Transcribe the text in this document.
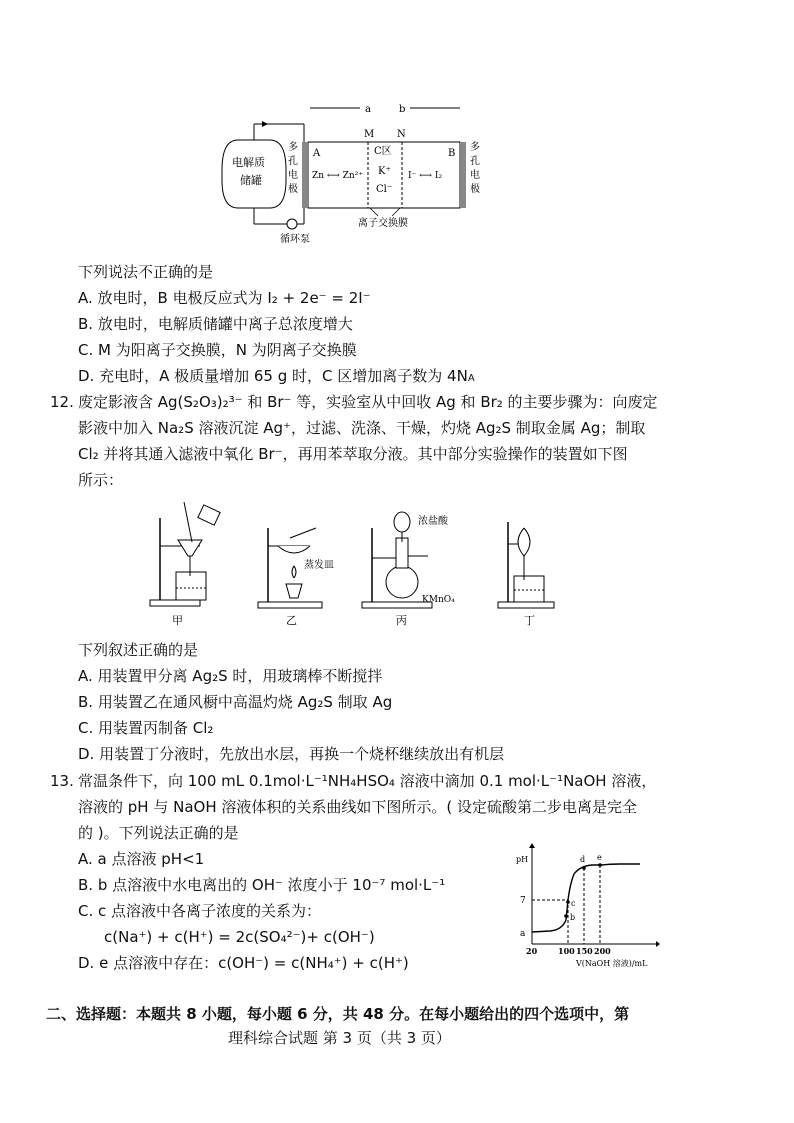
a	b
M N
电解质
储罐
循环泵
A	B
Zn ⟷ Zn²⁺
C区
K⁺
Cl⁻
I⁻ ⟷ I₂
多
孔
电
极
多
孔
电
极
离子交换膜
下列说法不正确的是
A. 放电时，B 电极反应式为 I₂ + 2e⁻ = 2I⁻
B. 放电时，电解质储罐中离子总浓度增大
C. M 为阳离子交换膜，N 为阴离子交换膜
D. 充电时，A 极质量增加 65 g 时，C 区增加离子数为 4NA
12. 废定影液含 Ag(S₂O₃)₂³⁻ 和 Br⁻ 等，实验室从中回收 Ag 和 Br₂ 的主要步骤为：向废定
影液中加入 Na₂S 溶液沉淀 Ag⁺，过滤、洗涤、干燥，灼烧 Ag₂S 制取金属 Ag；制取
Cl₂ 并将其通入滤液中氧化 Br⁻，再用苯萃取分液。其中部分实验操作的装置如下图
所示：
甲
蒸发皿
乙
浓盐酸
KMnO₄
丙	丁
下列叙述正确的是
A. 用装置甲分离 Ag₂S 时，用玻璃棒不断搅拌
B. 用装置乙在通风橱中高温灼烧 Ag₂S 制取 Ag
C. 用装置丙制备 Cl₂
D. 用装置丁分液时，先放出水层，再换一个烧杯继续放出有机层
13. 常温条件下，向 100 mL 0.1mol·L⁻¹NH₄HSO₄ 溶液中滴加 0.1 mol·L⁻¹NaOH 溶液，
溶液的 pH 与 NaOH 溶液体积的关系曲线如下图所示。( 设定硫酸第二步电离是完全
的 )。下列说法正确的是
A. a 点溶液 pH<1
B. b 点溶液中水电离出的 OH⁻ 浓度小于 10⁻⁷ mol·L⁻¹
C. c 点溶液中各离子浓度的关系为：
c(Na⁺) + c(H⁺) = 2c(SO₄²⁻)+ c(OH⁻)
D. e 点溶液中存在：c(OH⁻) = c(NH₄⁺) + c(H⁺)
pH
7
a
b
c
d e
20	100 150 200
V(NaOH 溶液)/mL
二、选择题：本题共 8 小题，每小题 6 分，共 48 分。在每小题给出的四个选项中，第
理科综合试题 第 3 页（共 3 页）
